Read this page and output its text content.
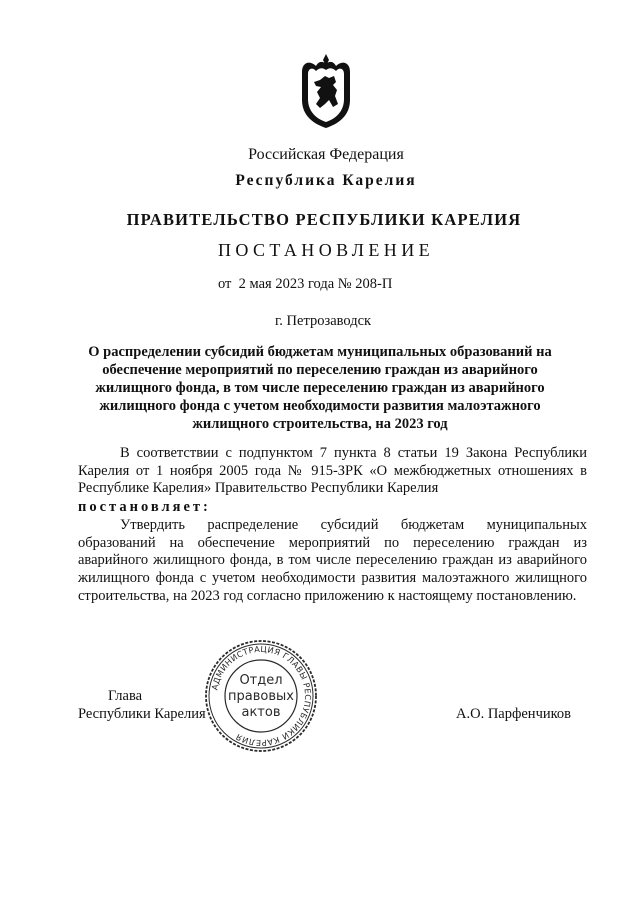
Российская Федерация
Республика Карелия
ПРАВИТЕЛЬСТВО РЕСПУБЛИКИ КАРЕЛИЯ
ПОСТАНОВЛЕНИЕ
от  2 мая 2023 года № 208-П
г. Петрозаводск
О распределении субсидий бюджетам муниципальных образований на обеспечение мероприятий по переселению граждан из аварийного жилищного фонда, в том числе переселению граждан из аварийного жилищного фонда с учетом необходимости развития малоэтажного жилищного строительства, на 2023 год
В соответствии с подпунктом 7 пункта 8 статьи 19 Закона Республики Карелия от 1 ноября 2005 года № 915-ЗРК «О межбюджетных отношениях в Республике Карелия» Правительство Республики Карелия
постановляет:
Утвердить распределение субсидий бюджетам муниципальных образований на обеспечение мероприятий по переселению граждан из аварийного жилищного фонда, в том числе переселению граждан из аварийного жилищного фонда с учетом необходимости развития малоэтажного жилищного строительства, на 2023 год согласно приложению к настоящему постановлению.
Глава
Республики Карелия	А.О. Парфенчиков
АДМИНИСТРАЦИЯ ГЛАВЫ РЕСПУБЛИКИ КАРЕЛИЯ
Отдел
правовых
актов
